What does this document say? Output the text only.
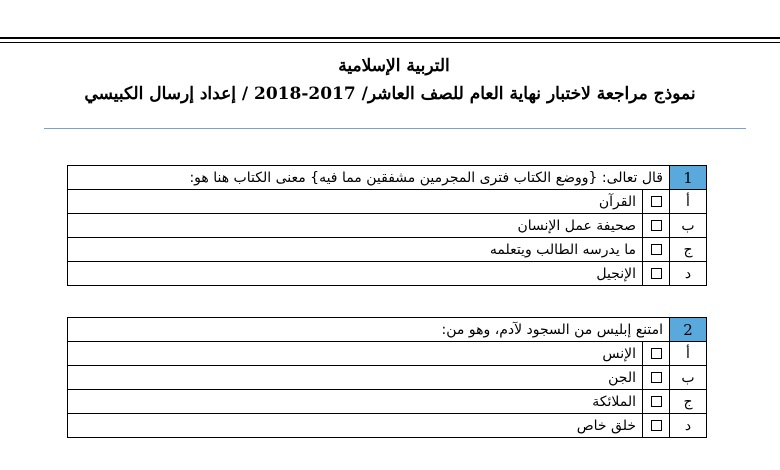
التربية الإسلامية
نموذج مراجعة لاختبار نهاية العام للصف العاشر/ 2017-2018 / إعداد إرسال الكبيسي
1	قال تعالى: {ووضع الكتاب فترى المجرمين مشفقين مما فيه} معنى الكتاب هنا هو:	
أ		القرآن
ب		صحيفة عمل الإنسان
ج		ما يدرسه الطالب ويتعلمه
د		الإنجيل
2	امتنع إبليس من السجود لآدم، وهو من:	
أ		الإنس
ب		الجن
ج		الملائكة
د		خلق خاص
